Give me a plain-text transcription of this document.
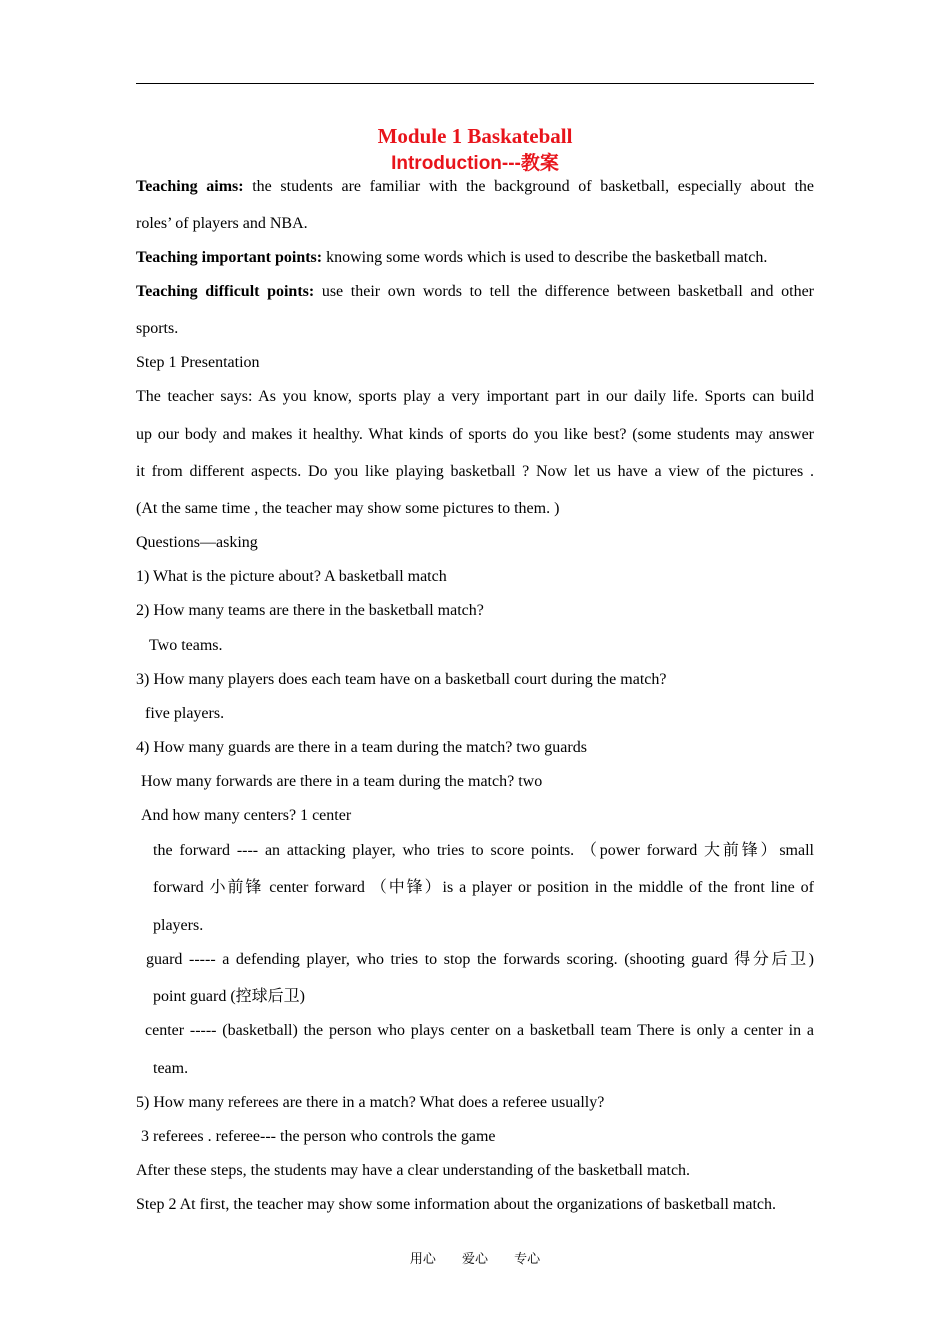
Module 1 Baskateball
Introduction---教案
Teaching aims: the students are familiar with the background of basketball, especially about the
roles’ of players and NBA.
Teaching important points: knowing some words which is used to describe the basketball match.
Teaching difficult points: use their own words to tell the difference between basketball and other
sports.
Step 1 Presentation
The teacher says: As you know, sports play a very important part in our daily life. Sports can build
up our body and makes it healthy. What kinds of sports do you like best? (some students may answer
it from different aspects. Do you like playing basketball ? Now let us have a view of the pictures .
(At the same time , the teacher may show some pictures to them. )
Questions—asking
1) What is the picture about? A basketball match
2) How many teams are there in the basketball match?
Two teams.
3) How many players does each team have on a basketball court during the match?
five players.
4) How many guards are there in a team during the match? two guards
How many forwards are there in a team during the match? two
And how many centers? 1 center
the forward ---- an attacking player, who tries to score points. （power forward 大前锋）small
forward 小前锋 center forward （中锋）is a player or position in the middle of the front line of
players.
guard ----- a defending player, who tries to stop the forwards scoring. (shooting guard 得分后卫)
point guard (控球后卫)
center ----- (basketball) the person who plays center on a basketball team There is only a center in a
team.
5) How many referees are there in a match? What does a referee usually?
3 referees . referee--- the person who controls the game
After these steps, the students may have a clear understanding of the basketball match.
Step 2 At first, the teacher may show some information about the organizations of basketball match.
用心 爱心 专心
